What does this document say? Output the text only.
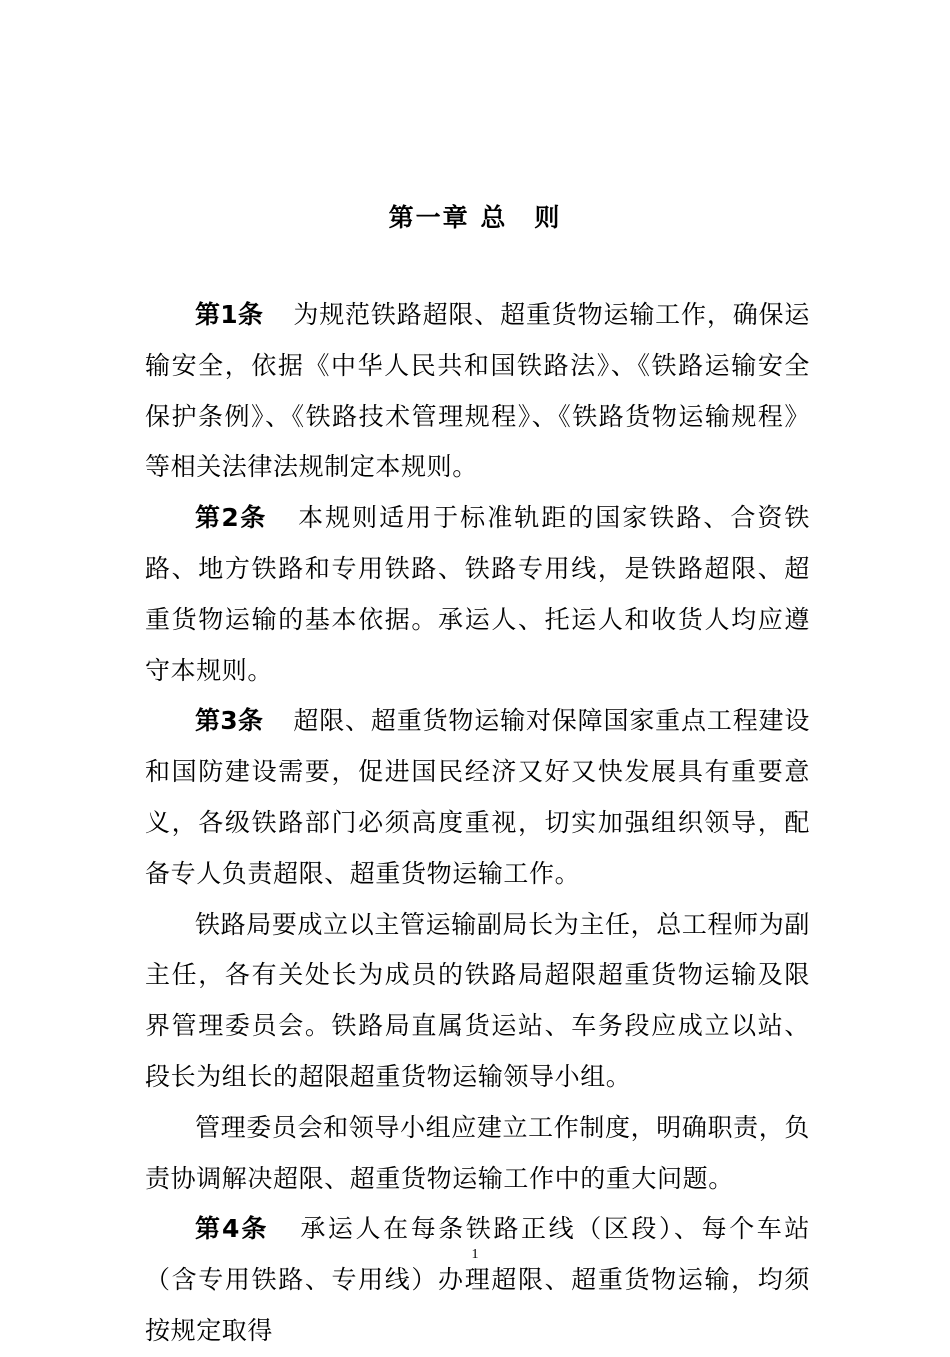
第一章 总　则

第1条 为规范铁路超限、超重货物运输工作，确保运输安全，依据《中华人民共和国铁路法》、《铁路运输安全保护条例》、《铁路技术管理规程》、《铁路货物运输规程》等相关法律法规制定本规则。

第2条 本规则适用于标准轨距的国家铁路、合资铁路、地方铁路和专用铁路、铁路专用线，是铁路超限、超重货物运输的基本依据。承运人、托运人和收货人均应遵守本规则。

第3条 超限、超重货物运输对保障国家重点工程建设和国防建设需要，促进国民经济又好又快发展具有重要意义，各级铁路部门必须高度重视，切实加强组织领导，配备专人负责超限、超重货物运输工作。

铁路局要成立以主管运输副局长为主任，总工程师为副主任，各有关处长为成员的铁路局超限超重货物运输及限界管理委员会。铁路局直属货运站、车务段应成立以站、段长为组长的超限超重货物运输领导小组。

管理委员会和领导小组应建立工作制度，明确职责，负责协调解决超限、超重货物运输工作中的重大问题。

第4条 承运人在每条铁路正线（区段）、每个车站（含专用铁路、专用线）办理超限、超重货物运输，均须按规定取得

1
